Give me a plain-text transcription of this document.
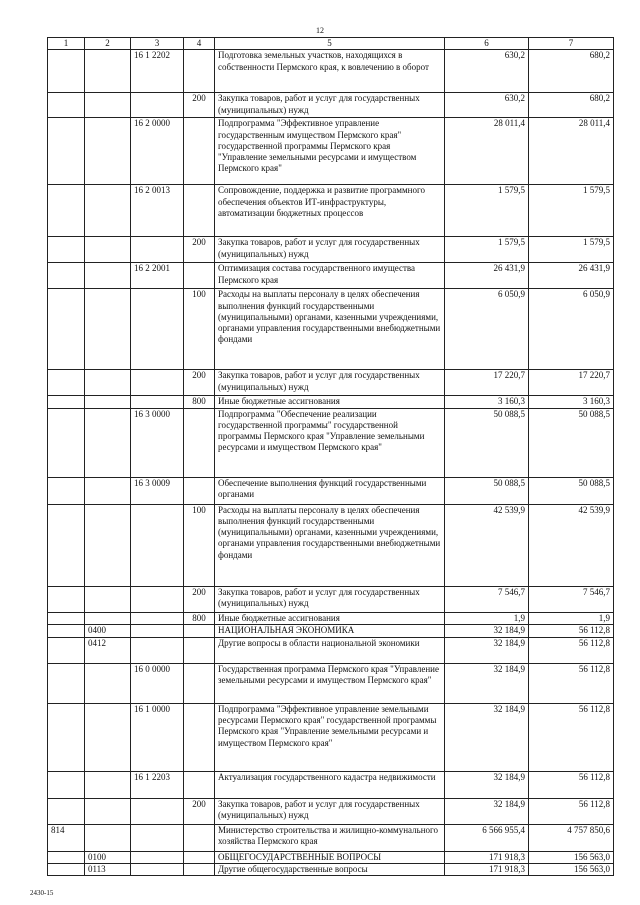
12
1	2	3	4	5	6	7
		16 1 2202		Подготовка земельных участков, находящихся в собственности Пермского края, к вовлечению в оборот	630,2	680,2
			200	Закупка товаров, работ и услуг для государственных (муниципальных) нужд	630,2	680,2
		16 2 0000		Подпрограмма "Эффективное управление государственным имуществом Пермского края" государственной программы Пермского края "Управление земельными ресурсами и имуществом Пермского края"	28 011,4	28 011,4
		16 2 0013		Сопровождение, поддержка и развитие программного обеспечения объектов ИТ-инфраструктуры, автоматизации бюджетных процессов	1 579,5	1 579,5
			200	Закупка товаров, работ и услуг для государственных (муниципальных) нужд	1 579,5	1 579,5
		16 2 2001		Оптимизация состава государственного имущества Пермского края	26 431,9	26 431,9
			100	Расходы на выплаты персоналу в целях обеспечения выполнения функций государственными (муниципальными) органами, казенными учреждениями, органами управления государственными внебюджетными фондами	6 050,9	6 050,9
			200	Закупка товаров, работ и услуг для государственных (муниципальных) нужд	17 220,7	17 220,7
			800	Иные бюджетные ассигнования	3 160,3	3 160,3
		16 3 0000		Подпрограмма "Обеспечение реализации государственной программы" государственной программы Пермского края "Управление земельными ресурсами и имуществом Пермского края"	50 088,5	50 088,5
		16 3 0009		Обеспечение выполнения функций государственными органами	50 088,5	50 088,5
			100	Расходы на выплаты персоналу в целях обеспечения выполнения функций государственными (муниципальными) органами, казенными учреждениями, органами управления государственными внебюджетными фондами	42 539,9	42 539,9
			200	Закупка товаров, работ и услуг для государственных (муниципальных) нужд	7 546,7	7 546,7
			800	Иные бюджетные ассигнования	1,9	1,9
	0400			НАЦИОНАЛЬНАЯ ЭКОНОМИКА	32 184,9	56 112,8
	0412			Другие вопросы в области национальной экономики	32 184,9	56 112,8
		16 0 0000		Государственная программа Пермского края "Управление земельными ресурсами и имуществом Пермского края"	32 184,9	56 112,8
		16 1 0000		Подпрограмма "Эффективное управление земельными ресурсами Пермского края" государственной программы Пермского края "Управление земельными ресурсами и имуществом Пермского края"	32 184,9	56 112,8
		16 1 2203		Актуализация государственного кадастра недвижимости	32 184,9	56 112,8
			200	Закупка товаров, работ и услуг для государственных (муниципальных) нужд	32 184,9	56 112,8
814				Министерство строительства и жилищно-коммунального хозяйства Пермского края	6 566 955,4	4 757 850,6
	0100			ОБЩЕГОСУДАРСТВЕННЫЕ ВОПРОСЫ	171 918,3	156 563,0
	0113			Другие общегосударственные вопросы	171 918,3	156 563,0
2430-15
